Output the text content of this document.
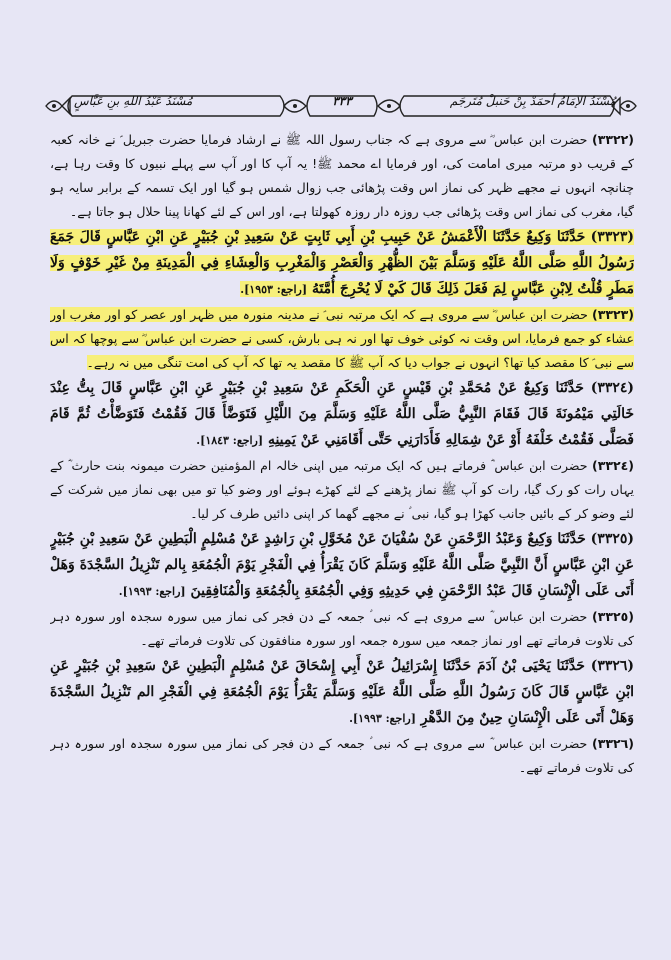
مُسْنَدُ الإمَامُ أحمَدْ بِنْ حَنبلْ مُتَرجَم
٣٣٣
مُسْنَدُ عَبْدُ اللهِ بنِ عَبَّاسٍ

(٣٣٢٢) حضرت ابن عباس ؓ سے مروی ہے کہ جناب رسول اللہ ﷺ نے ارشاد فرمایا حضرت جبریل ؑ نے خانہ کعبہ کے قریب دو مرتبہ میری امامت کی، اور فرمایا اے محمد ﷺ! یہ آپ کا اور آپ سے پہلے نبیوں کا وقت رہا ہے، چنانچہ انہوں نے مجھے ظہر کی نماز اس وقت پڑھائی جب زوال شمس ہو گیا اور ایک تسمہ کے برابر سایہ ہو گیا، مغرب کی نماز اس وقت پڑھائی جب روزہ دار روزہ کھولتا ہے، اور اس کے لئے کھانا پینا حلال ہو جاتا ہے۔

(٣٣٢٣) حَدَّثَنَا وَكِيعٌ حَدَّثَنَا الْأَعْمَشُ عَنْ حَبِيبِ بْنِ أَبِي ثَابِتٍ عَنْ سَعِيدِ بْنِ جُبَيْرٍ عَنِ ابْنِ عَبَّاسٍ قَالَ جَمَعَ رَسُولُ اللَّهِ صَلَّى اللَّهُ عَلَيْهِ وَسَلَّمَ بَيْنَ الظُّهْرِ وَالْعَصْرِ وَالْمَغْرِبِ وَالْعِشَاءِ فِي الْمَدِينَةِ مِنْ غَيْرِ خَوْفٍ وَلَا مَطَرٍ قُلْتُ لِابْنِ عَبَّاسٍ لِمَ فَعَلَ ذَلِكَ قَالَ كَيْ لَا يُحْرِجَ أُمَّتَهُ [راجع: ١٩٥٣].

(٣٣٢٣) حضرت ابن عباس ؓ سے مروی ہے کہ ایک مرتبہ نبی ؑ نے مدینہ منورہ میں ظہر اور عصر کو اور مغرب اور عشاء کو جمع فرمایا، اس وقت نہ کوئی خوف تھا اور نہ ہی بارش، کسی نے حضرت ابن عباس ؓ سے پوچھا کہ اس سے نبی ؑ کا مقصد کیا تھا؟ انہوں نے جواب دیا کہ آپ ﷺ کا مقصد یہ تھا کہ آپ کی امت تنگی میں نہ رہے۔

(٣٣٢٤) حَدَّثَنَا وَكِيعٌ عَنْ مُحَمَّدِ بْنِ قَيْسٍ عَنِ الْحَكَمِ عَنْ سَعِيدِ بْنِ جُبَيْرٍ عَنِ ابْنِ عَبَّاسٍ قَالَ بِتُّ عِنْدَ خَالَتِي مَيْمُونَةَ قَالَ فَقَامَ النَّبِيُّ صَلَّى اللَّهُ عَلَيْهِ وَسَلَّمَ مِنَ اللَّيْلِ فَتَوَضَّأَ قَالَ فَقُمْتُ فَتَوَضَّأْتُ ثُمَّ قَامَ فَصَلَّى فَقُمْتُ خَلْفَهُ أَوْ عَنْ شِمَالِهِ فَأَدَارَنِي حَتَّى أَقَامَنِي عَنْ يَمِينِهِ [راجع: ١٨٤٣].

(٣٣٢٤) حضرت ابن عباس ؓ فرماتے ہیں کہ ایک مرتبہ میں اپنی خالہ ام المؤمنین حضرت میمونہ بنت حارث ؓ کے یہاں رات کو رک گیا، رات کو آپ ﷺ نماز پڑھنے کے لئے کھڑے ہوئے اور وضو کیا تو میں بھی نماز میں شرکت کے لئے وضو کر کے بائیں جانب کھڑا ہو گیا، نبی ؑ نے مجھے گھما کر اپنی دائیں طرف کر لیا۔

(٣٣٢٥) حَدَّثَنَا وَكِيعٌ وَعَبْدُ الرَّحْمَنِ عَنْ سُفْيَانَ عَنْ مُخَوَّلِ بْنِ رَاشِدٍ عَنْ مُسْلِمٍ الْبَطِينِ عَنْ سَعِيدِ بْنِ جُبَيْرٍ عَنِ ابْنِ عَبَّاسٍ أَنَّ النَّبِيَّ صَلَّى اللَّهُ عَلَيْهِ وَسَلَّمَ كَانَ يَقْرَأُ فِي الْفَجْرِ يَوْمَ الْجُمُعَةِ بِالم تَنْزِيلُ السَّجْدَةَ وَهَلْ أَتَى عَلَى الْإِنْسَانِ قَالَ عَبْدُ الرَّحْمَنِ فِي حَدِيثِهِ وَفِي الْجُمُعَةِ بِالْجُمُعَةِ وَالْمُنَافِقِينَ [راجع: ١٩٩٣].

(٣٣٢٥) حضرت ابن عباس ؓ سے مروی ہے کہ نبی ؑ جمعہ کے دن فجر کی نماز میں سورہ سجدہ اور سورہ دہر کی تلاوت فرماتے تھے اور نماز جمعہ میں سورہ جمعہ اور سورہ منافقون کی تلاوت فرماتے تھے۔

(٣٣٢٦) حَدَّثَنَا يَحْيَى بْنُ آدَمَ حَدَّثَنَا إِسْرَائِيلُ عَنْ أَبِي إِسْحَاقَ عَنْ مُسْلِمٍ الْبَطِينِ عَنْ سَعِيدِ بْنِ جُبَيْرٍ عَنِ ابْنِ عَبَّاسٍ قَالَ كَانَ رَسُولُ اللَّهِ صَلَّى اللَّهُ عَلَيْهِ وَسَلَّمَ يَقْرَأُ يَوْمَ الْجُمُعَةِ فِي الْفَجْرِ الم تَنْزِيلُ السَّجْدَةَ وَهَلْ أَتَى عَلَى الْإِنْسَانِ حِينٌ مِنَ الدَّهْرِ [راجع: ١٩٩٣].

(٣٣٢٦) حضرت ابن عباس ؓ سے مروی ہے کہ نبی ؑ جمعہ کے دن فجر کی نماز میں سورہ سجدہ اور سورہ دہر کی تلاوت فرماتے تھے۔
